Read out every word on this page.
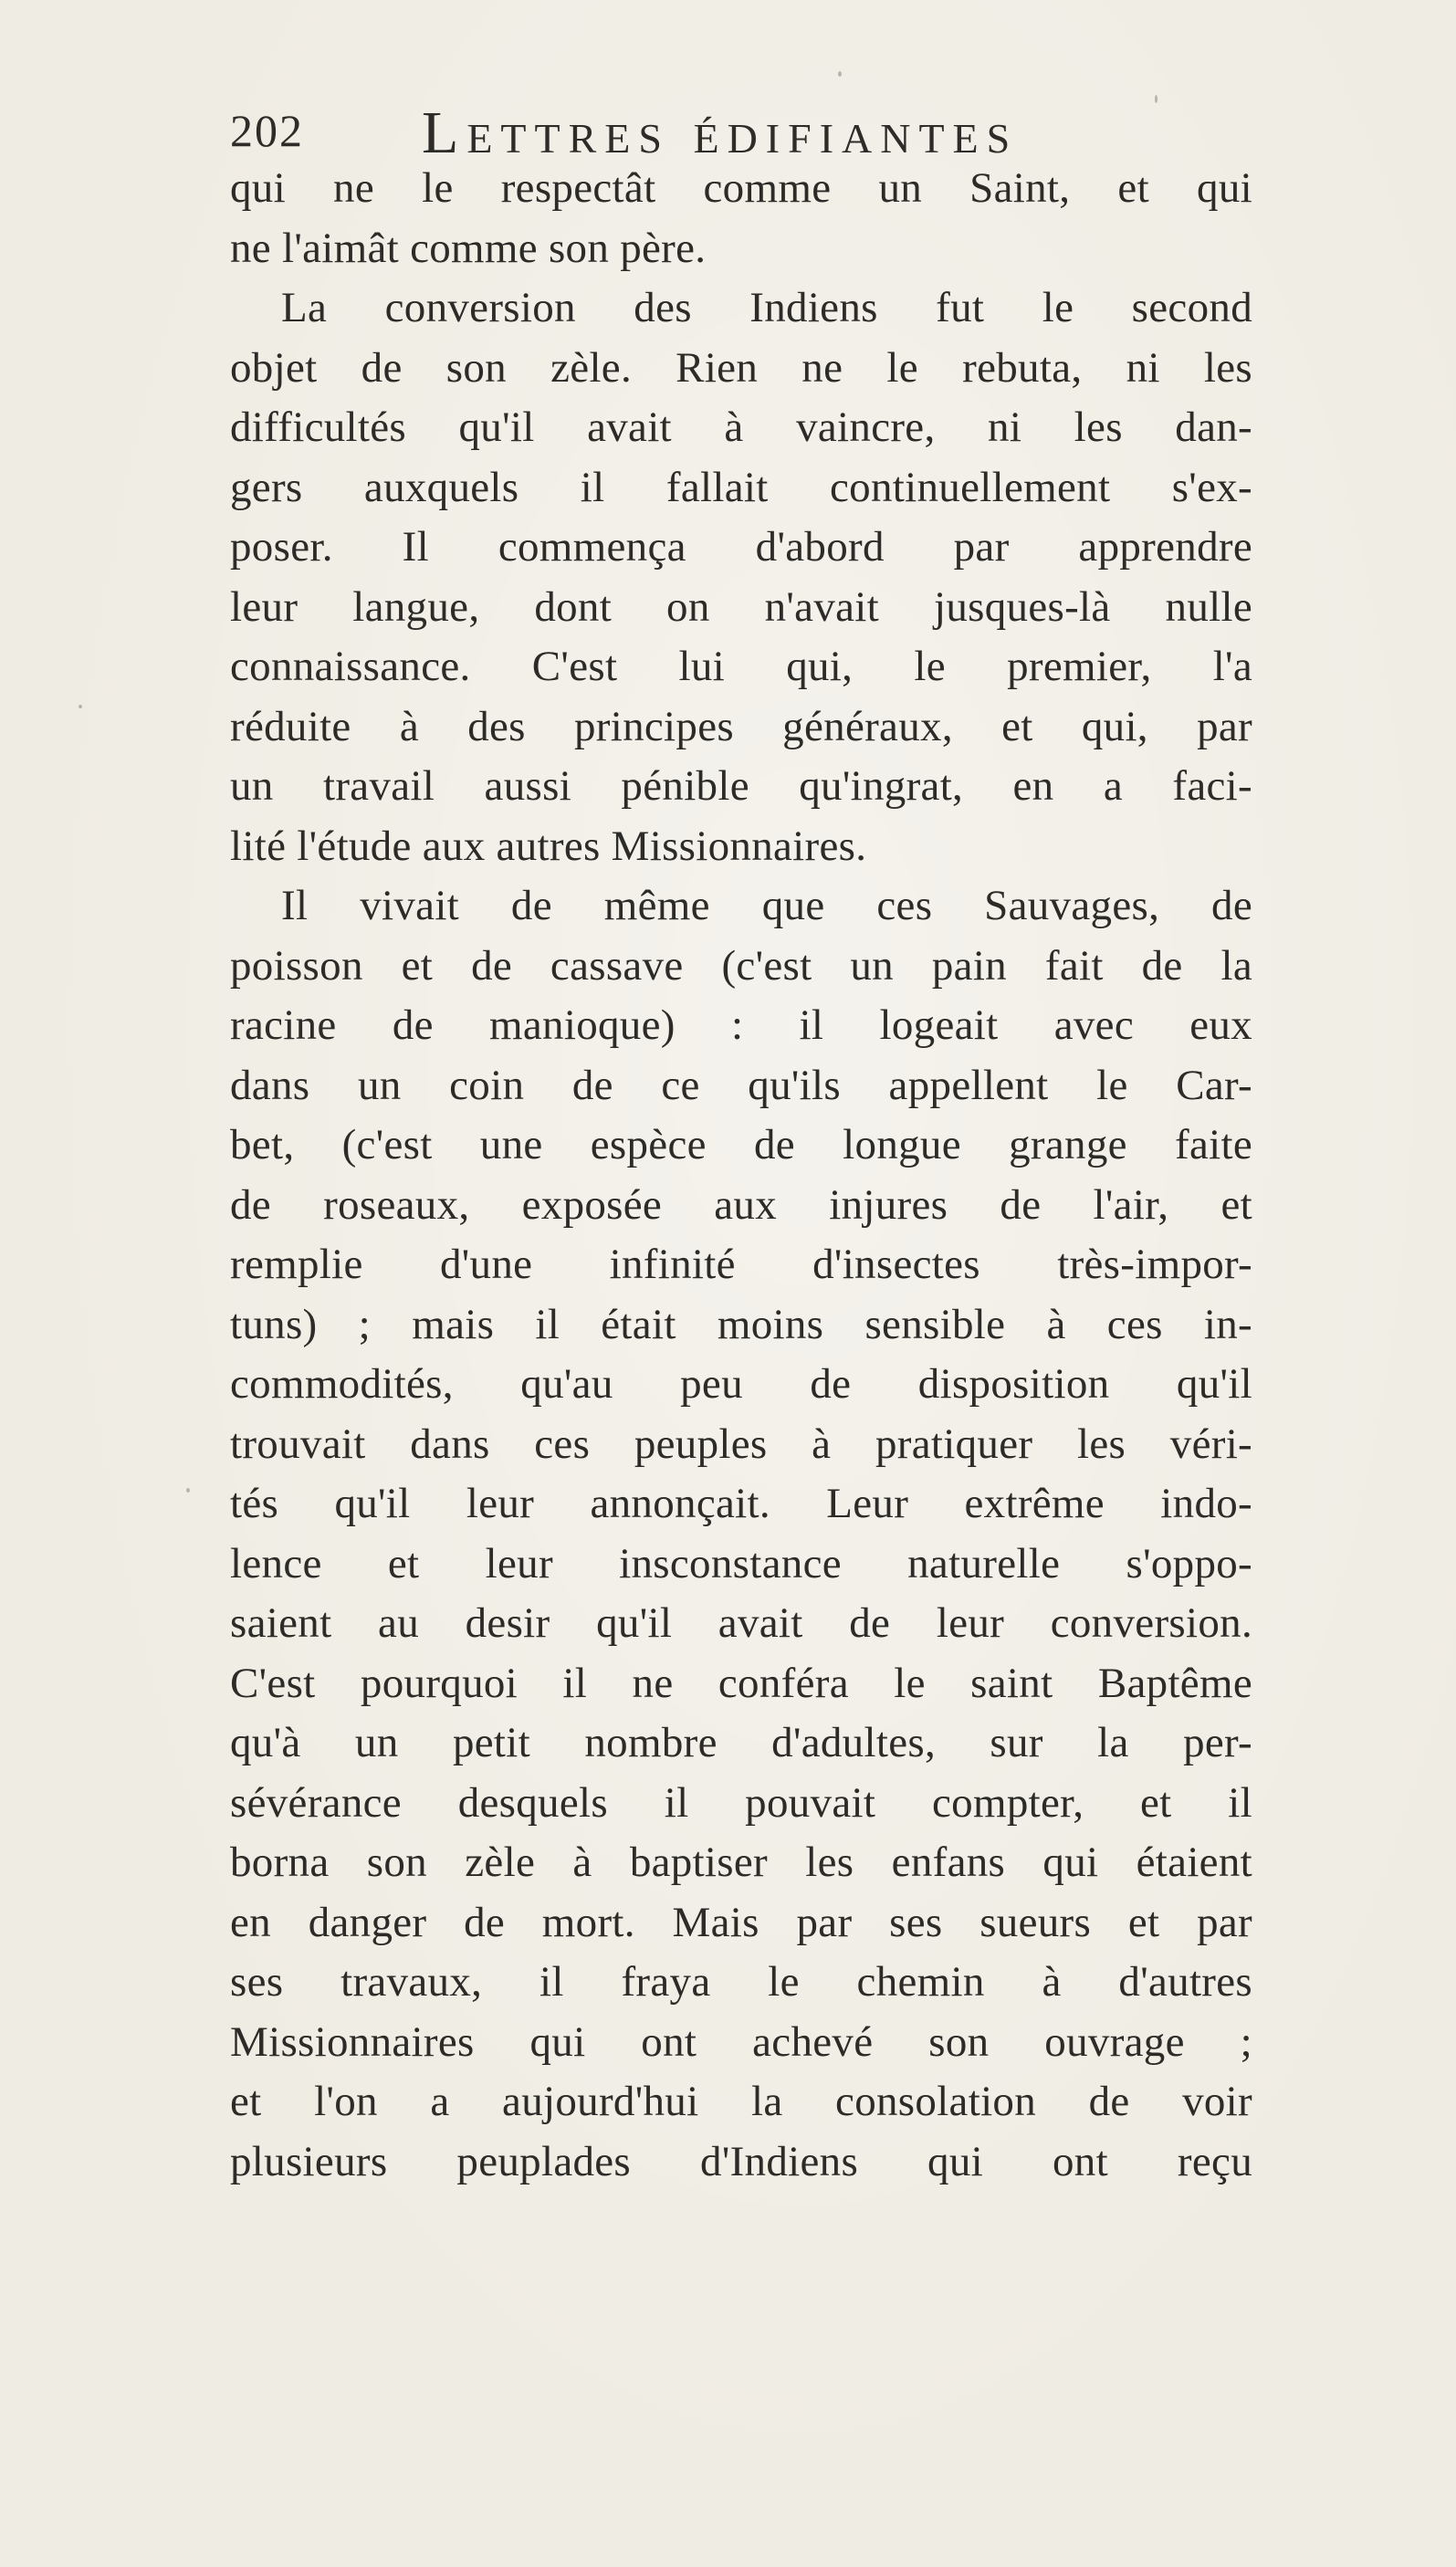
202 Lettres édifiantes
qui ne le respectât comme un Saint, et qui
ne l'aimât comme son père.
La conversion des Indiens fut le second
objet de son zèle. Rien ne le rebuta, ni les
difficultés qu'il avait à vaincre, ni les dan-
gers auxquels il fallait continuellement s'ex-
poser. Il commença d'abord par apprendre
leur langue, dont on n'avait jusques-là nulle
connaissance. C'est lui qui, le premier, l'a
réduite à des principes généraux, et qui, par
un travail aussi pénible qu'ingrat, en a faci-
lité l'étude aux autres Missionnaires.
Il vivait de même que ces Sauvages, de
poisson et de cassave (c'est un pain fait de la
racine de manioque) : il logeait avec eux
dans un coin de ce qu'ils appellent le Car-
bet, (c'est une espèce de longue grange faite
de roseaux, exposée aux injures de l'air, et
remplie d'une infinité d'insectes très-impor-
tuns) ; mais il était moins sensible à ces in-
commodités, qu'au peu de disposition qu'il
trouvait dans ces peuples à pratiquer les véri-
tés qu'il leur annonçait. Leur extrême indo-
lence et leur insconstance naturelle s'oppo-
saient au desir qu'il avait de leur conversion.
C'est pourquoi il ne conféra le saint Baptême
qu'à un petit nombre d'adultes, sur la per-
sévérance desquels il pouvait compter, et il
borna son zèle à baptiser les enfans qui étaient
en danger de mort. Mais par ses sueurs et par
ses travaux, il fraya le chemin à d'autres
Missionnaires qui ont achevé son ouvrage ;
et l'on a aujourd'hui la consolation de voir
plusieurs peuplades d'Indiens qui ont reçu
